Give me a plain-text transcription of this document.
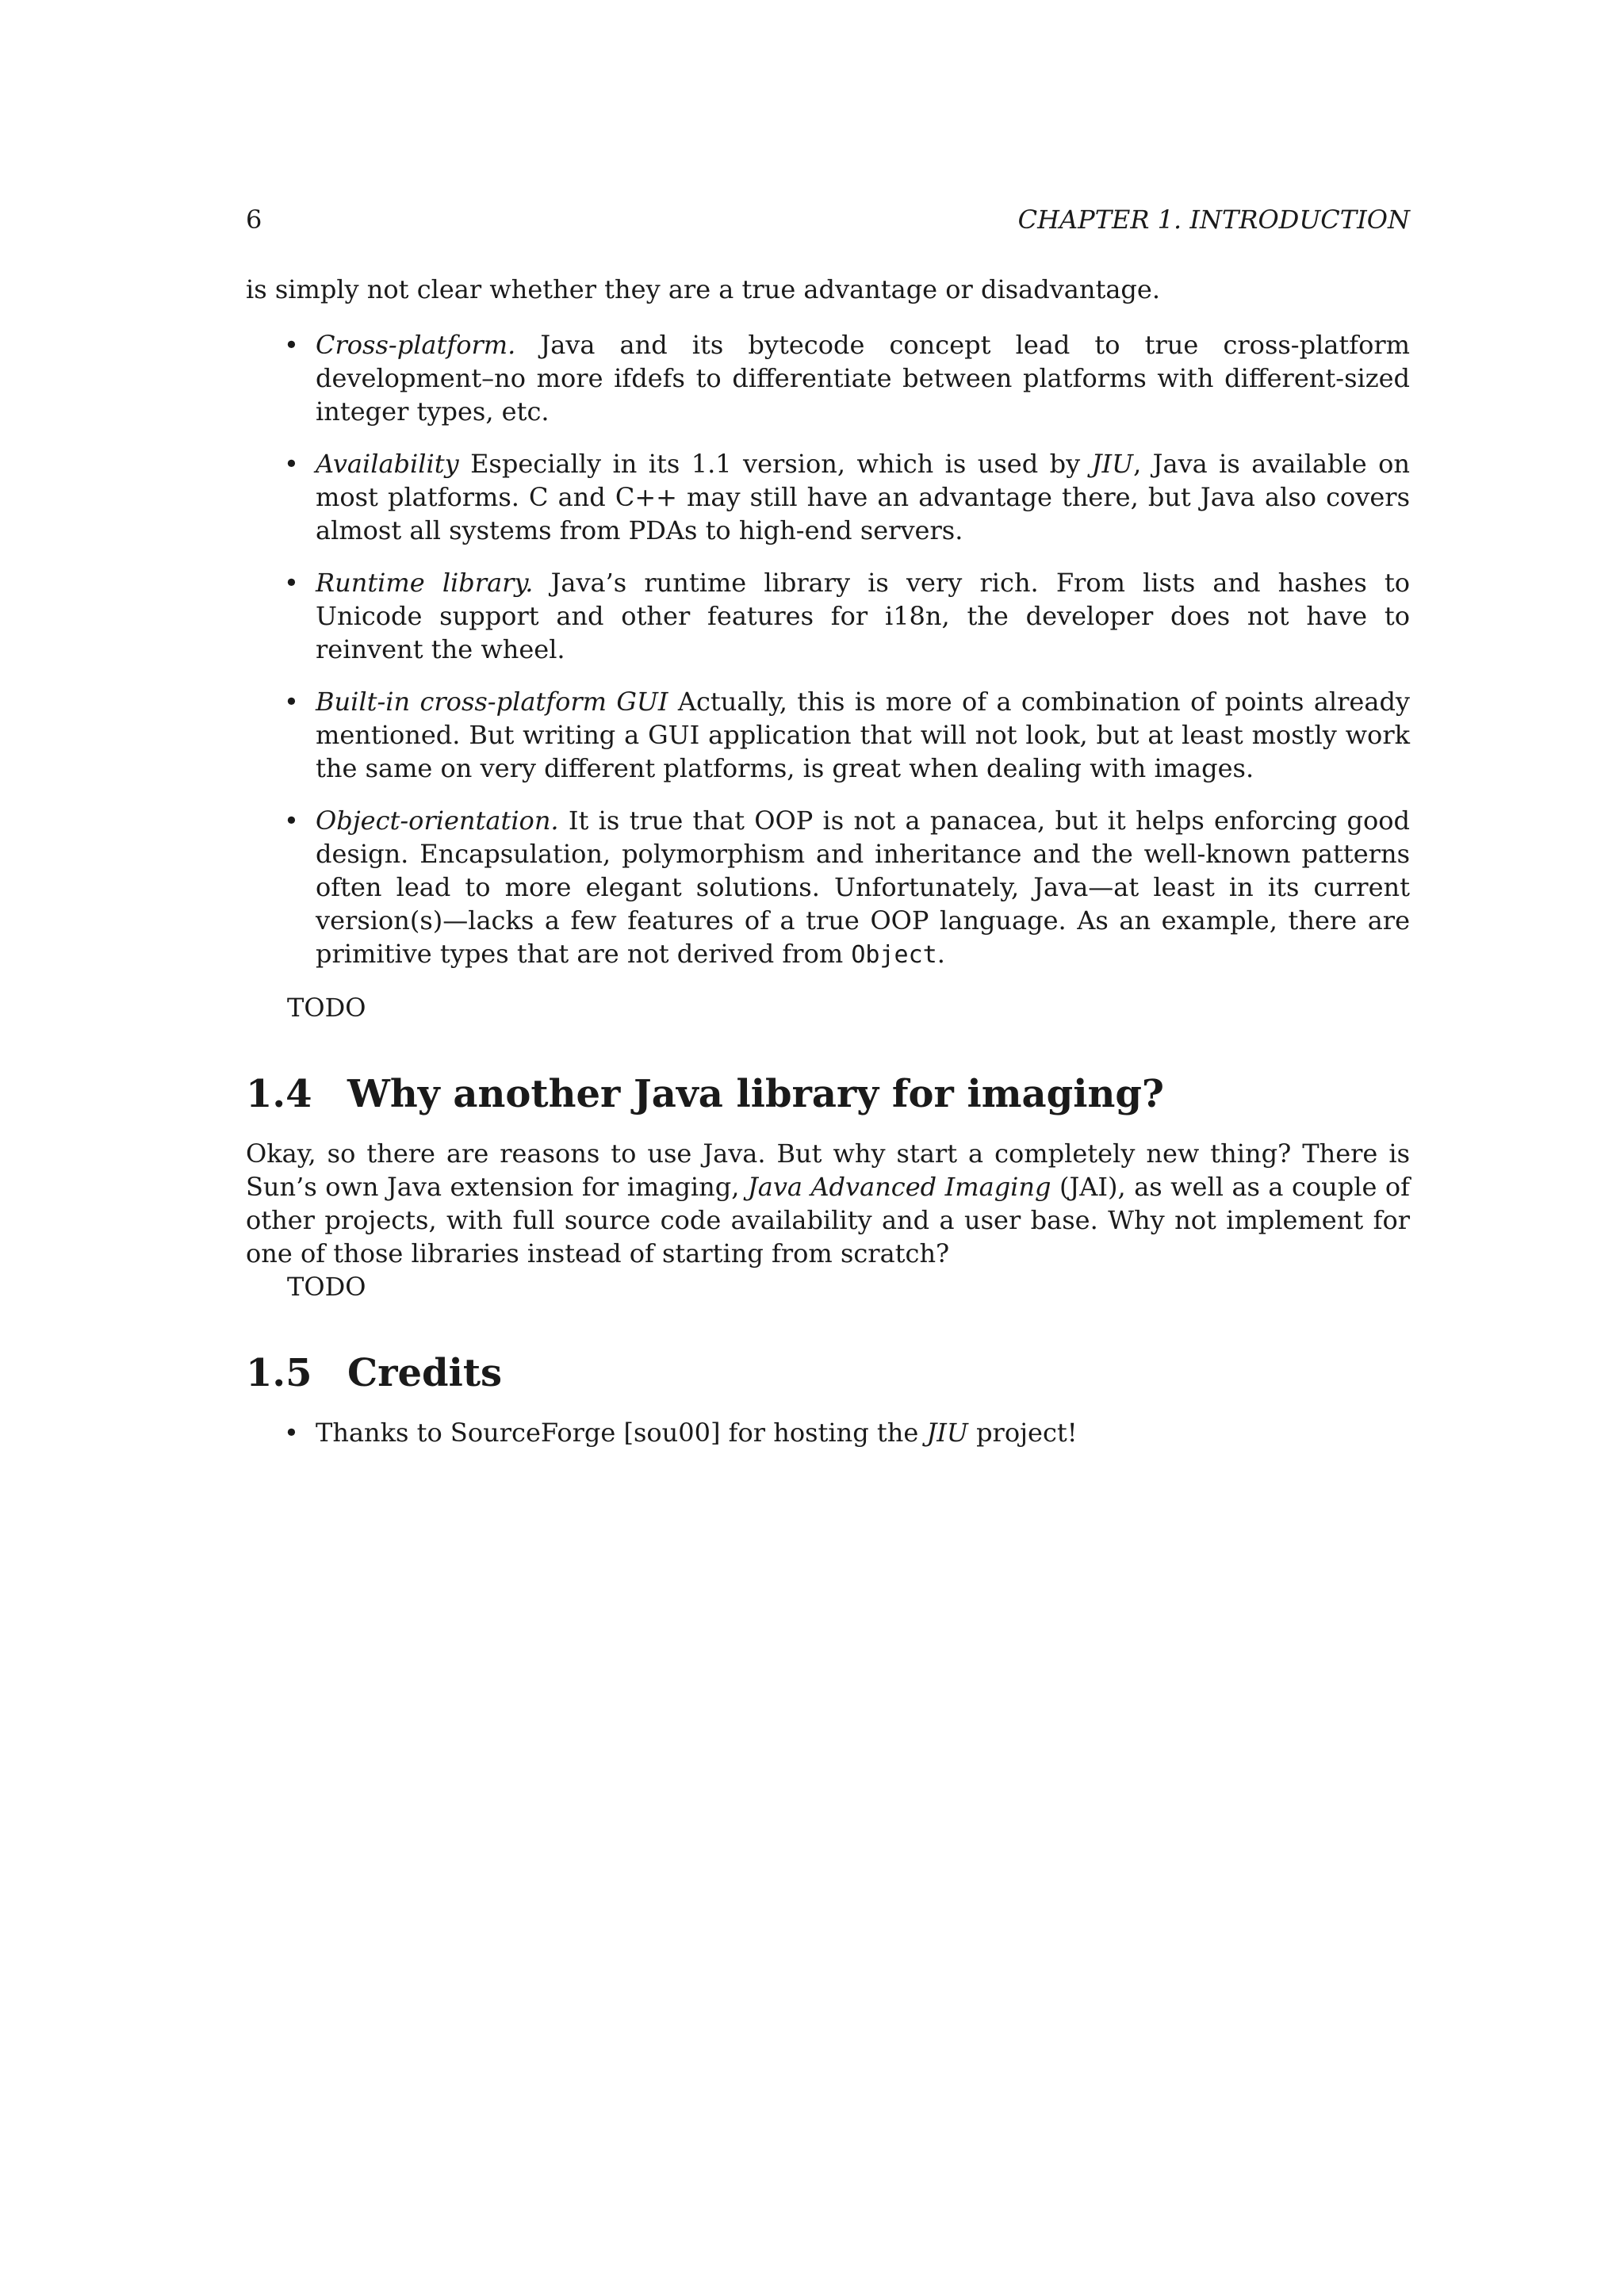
6	CHAPTER 1. INTRODUCTION

is simply not clear whether they are a true advantage or disadvantage.

• Cross-platform. Java and its bytecode concept lead to true cross-platform development–no more ifdefs to differentiate between platforms with different-sized integer types, etc.
• Availability Especially in its 1.1 version, which is used by JIU, Java is available on most platforms. C and C++ may still have an advantage there, but Java also covers almost all systems from PDAs to high-end servers.
• Runtime library. Java’s runtime library is very rich. From lists and hashes to Unicode support and other features for i18n, the developer does not have to reinvent the wheel.
• Built-in cross-platform GUI Actually, this is more of a combination of points already mentioned. But writing a GUI application that will not look, but at least mostly work the same on very different platforms, is great when dealing with images.
• Object-orientation. It is true that OOP is not a panacea, but it helps enforcing good design. Encapsulation, polymorphism and inheritance and the well-known patterns often lead to more elegant solutions. Unfortunately, Java—at least in its current version(s)—lacks a few features of a true OOP language. As an example, there are primitive types that are not derived from Object.

TODO

1.4 Why another Java library for imaging?

Okay, so there are reasons to use Java. But why start a completely new thing? There is Sun’s own Java extension for imaging, Java Advanced Imaging (JAI), as well as a couple of other projects, with full source code availability and a user base. Why not implement for one of those libraries instead of starting from scratch?

TODO

1.5 Credits
• Thanks to SourceForge [sou00] for hosting the JIU project!
